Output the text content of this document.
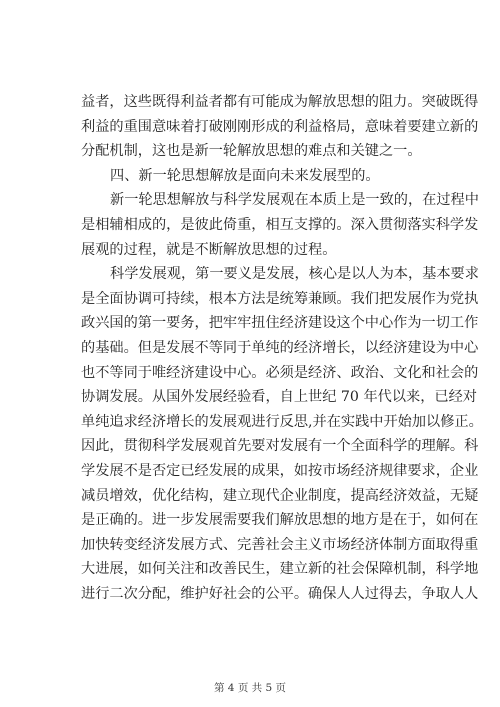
益者，这些既得利益者都有可能成为解放思想的阻力。突破既得
利益的重围意味着打破刚刚形成的利益格局，意味着要建立新的
分配机制，这也是新一轮解放思想的难点和关键之一。

四、新一轮思想解放是面向未来发展型的。

新一轮思想解放与科学发展观在本质上是一致的，在过程中
是相辅相成的，是彼此倚重，相互支撑的。深入贯彻落实科学发
展观的过程，就是不断解放思想的过程。

科学发展观，第一要义是发展，核心是以人为本，基本要求
是全面协调可持续，根本方法是统筹兼顾。我们把发展作为党执
政兴国的第一要务，把牢牢扭住经济建设这个中心作为一切工作
的基础。但是发展不等同于单纯的经济增长，以经济建设为中心
也不等同于唯经济建设中心。必须是经济、政治、文化和社会的
协调发展。从国外发展经验看，自上世纪 70 年代以来，已经对
单纯追求经济增长的发展观进行反思,并在实践中开始加以修正。
因此，贯彻科学发展观首先要对发展有一个全面科学的理解。科
学发展不是否定已经发展的成果，如按市场经济规律要求，企业
减员增效，优化结构，建立现代企业制度，提高经济效益，无疑
是正确的。进一步发展需要我们解放思想的地方是在于，如何在
加快转变经济发展方式、完善社会主义市场经济体制方面取得重
大进展，如何关注和改善民生，建立新的社会保障机制，科学地
进行二次分配，维护好社会的公平。确保人人过得去，争取人人

第 4 页 共 5 页
